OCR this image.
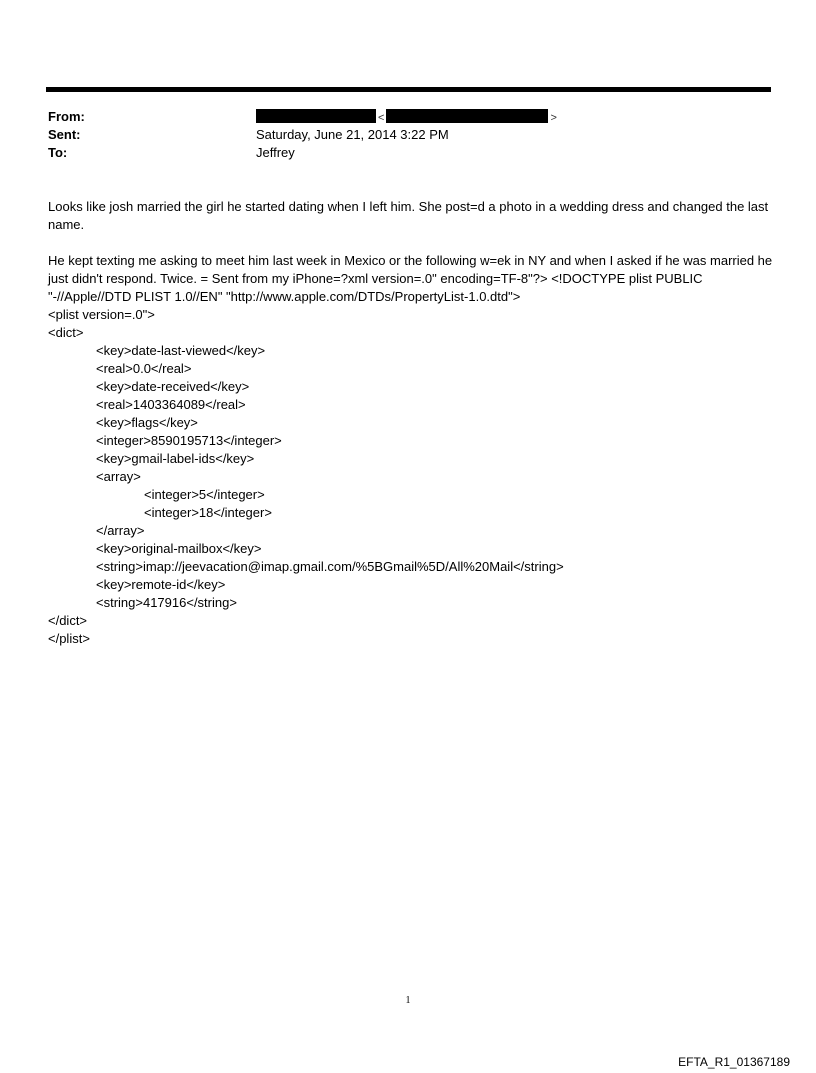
From:	<	>
Sent:	Saturday, June 21, 2014 3:22 PM
To:	Jeffrey

Looks like josh married the girl he started dating when I left him. She post=d a photo in a wedding dress and changed the last name.

He kept texting me asking to meet him last week in Mexico or the following w=ek in NY and when I asked if he was married he just didn't respond. Twice. = Sent from my iPhone=?xml version=.0" encoding=TF-8"?> <!DOCTYPE plist PUBLIC "-//Apple//DTD PLIST 1.0//EN" "http://www.apple.com/DTDs/PropertyList-1.0.dtd">

<plist version=.0">
<dict>
<key>date-last-viewed</key>
<real>0.0</real>
<key>date-received</key>
<real>1403364089</real>
<key>flags</key>
<integer>8590195713</integer>
<key>gmail-label-ids</key>
<array>
<integer>5</integer>
<integer>18</integer>
</array>
<key>original-mailbox</key>
<string>imap://jeevacation@imap.gmail.com/%5BGmail%5D/All%20Mail</string>
<key>remote-id</key>
<string>417916</string>
</dict>
</plist>
1
EFTA_R1_01367189
